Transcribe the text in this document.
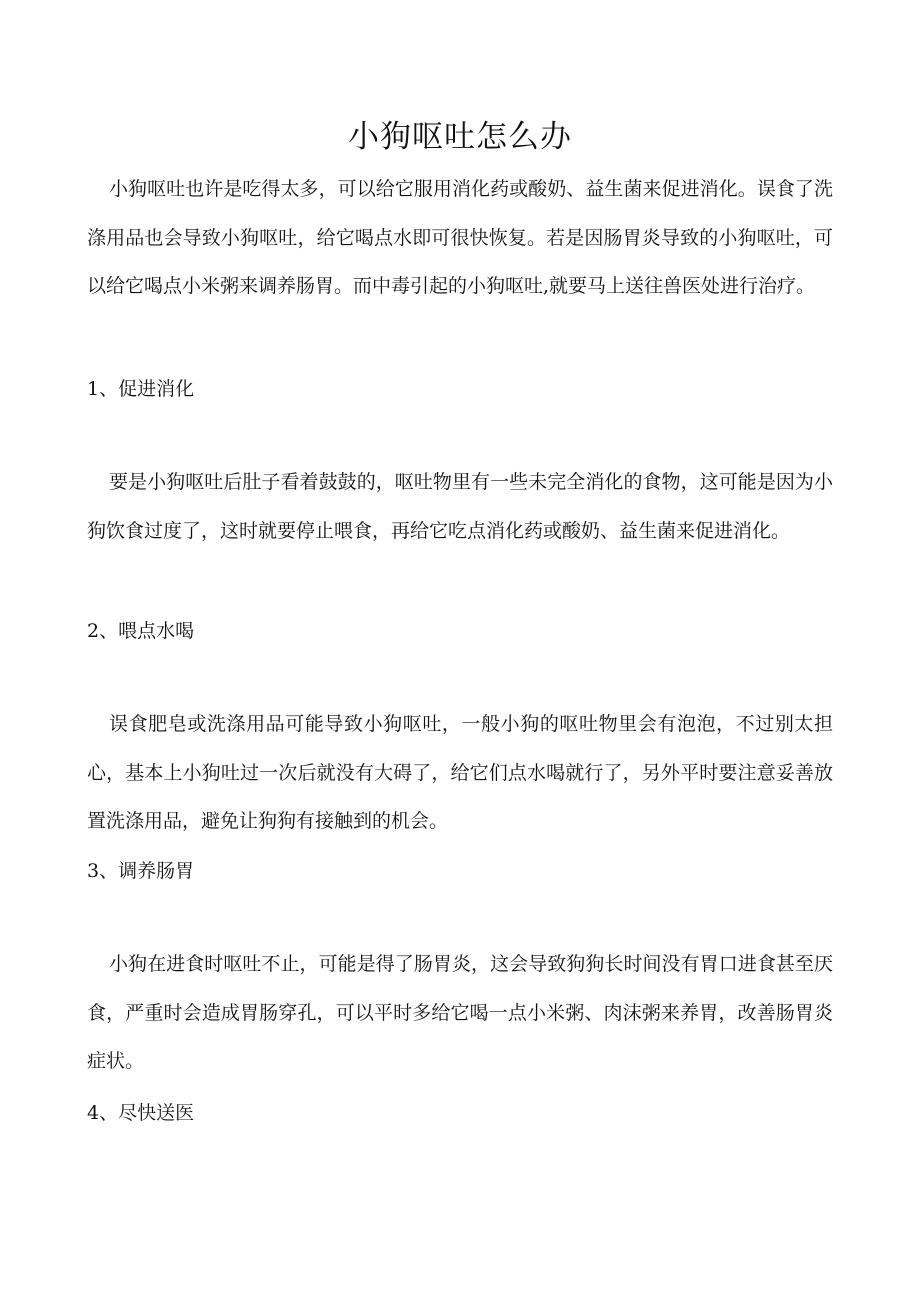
小狗呕吐怎么办

小狗呕吐也许是吃得太多，可以给它服用消化药或酸奶、益生菌来促进消化。误食了洗涤用品也会导致小狗呕吐，给它喝点水即可很快恢复。若是因肠胃炎导致的小狗呕吐，可以给它喝点小米粥来调养肠胃。而中毒引起的小狗呕吐,就要马上送往兽医处进行治疗。

1、促进消化

要是小狗呕吐后肚子看着鼓鼓的，呕吐物里有一些未完全消化的食物，这可能是因为小狗饮食过度了，这时就要停止喂食，再给它吃点消化药或酸奶、益生菌来促进消化。

2、喂点水喝

误食肥皂或洗涤用品可能导致小狗呕吐，一般小狗的呕吐物里会有泡泡，不过别太担心，基本上小狗吐过一次后就没有大碍了，给它们点水喝就行了，另外平时要注意妥善放置洗涤用品，避免让狗狗有接触到的机会。

3、调养肠胃

小狗在进食时呕吐不止，可能是得了肠胃炎，这会导致狗狗长时间没有胃口进食甚至厌食，严重时会造成胃肠穿孔，可以平时多给它喝一点小米粥、肉沫粥来养胃，改善肠胃炎症状。

4、尽快送医
